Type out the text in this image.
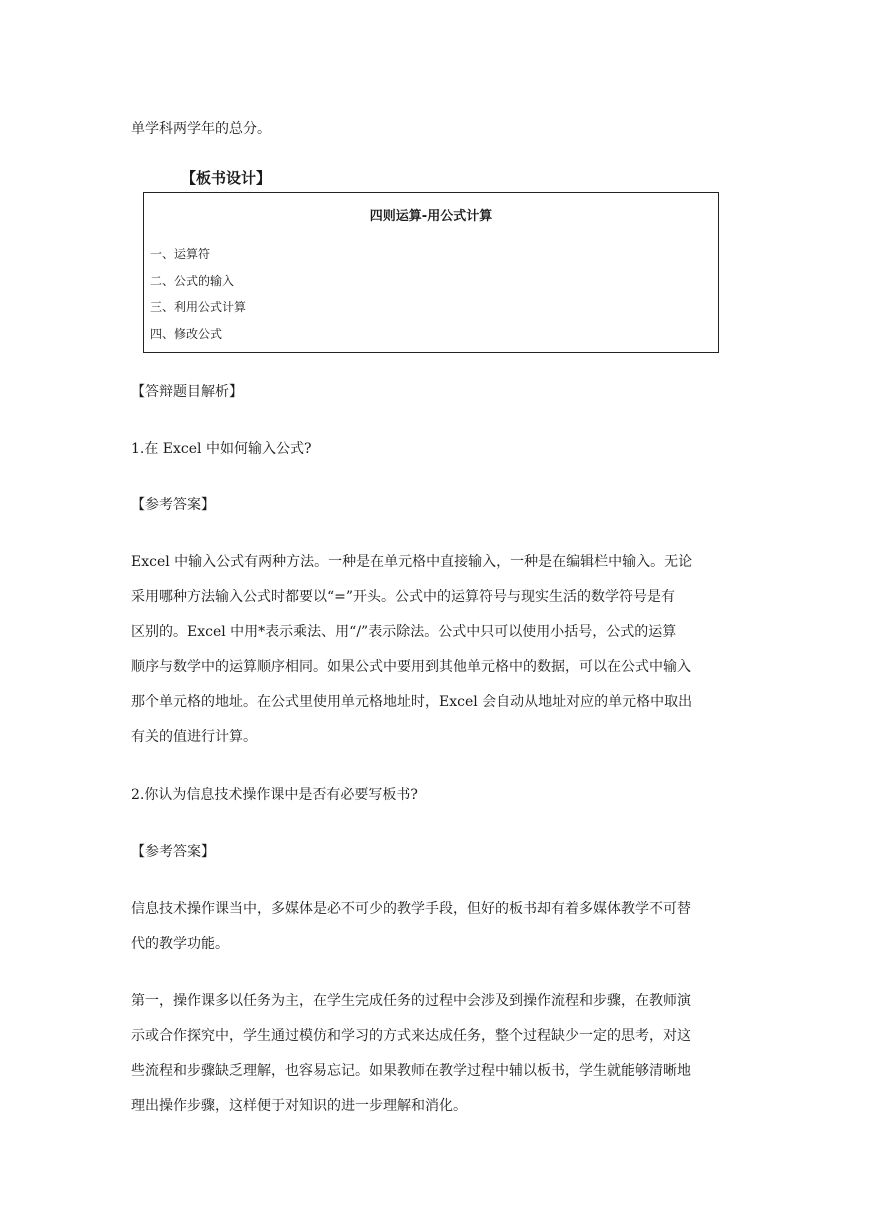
单学科两学年的总分。
【板书设计】
四则运算-用公式计算
一、运算符
二、公式的输入
三、利用公式计算
四、修改公式
【答辩题目解析】
1.在 Excel 中如何输入公式?
【参考答案】
Excel 中输入公式有两种方法。一种是在单元格中直接输入，一种是在编辑栏中输入。无论
采用哪种方法输入公式时都要以“=”开头。公式中的运算符号与现实生活的数学符号是有
区别的。Excel 中用*表示乘法、用“/”表示除法。公式中只可以使用小括号，公式的运算
顺序与数学中的运算顺序相同。如果公式中要用到其他单元格中的数据，可以在公式中输入
那个单元格的地址。在公式里使用单元格地址时，Excel 会自动从地址对应的单元格中取出
有关的值进行计算。
2.你认为信息技术操作课中是否有必要写板书?
【参考答案】
信息技术操作课当中，多媒体是必不可少的教学手段，但好的板书却有着多媒体教学不可替
代的教学功能。
第一，操作课多以任务为主，在学生完成任务的过程中会涉及到操作流程和步骤，在教师演
示或合作探究中，学生通过模仿和学习的方式来达成任务，整个过程缺少一定的思考，对这
些流程和步骤缺乏理解，也容易忘记。如果教师在教学过程中辅以板书，学生就能够清晰地
理出操作步骤，这样便于对知识的进一步理解和消化。
